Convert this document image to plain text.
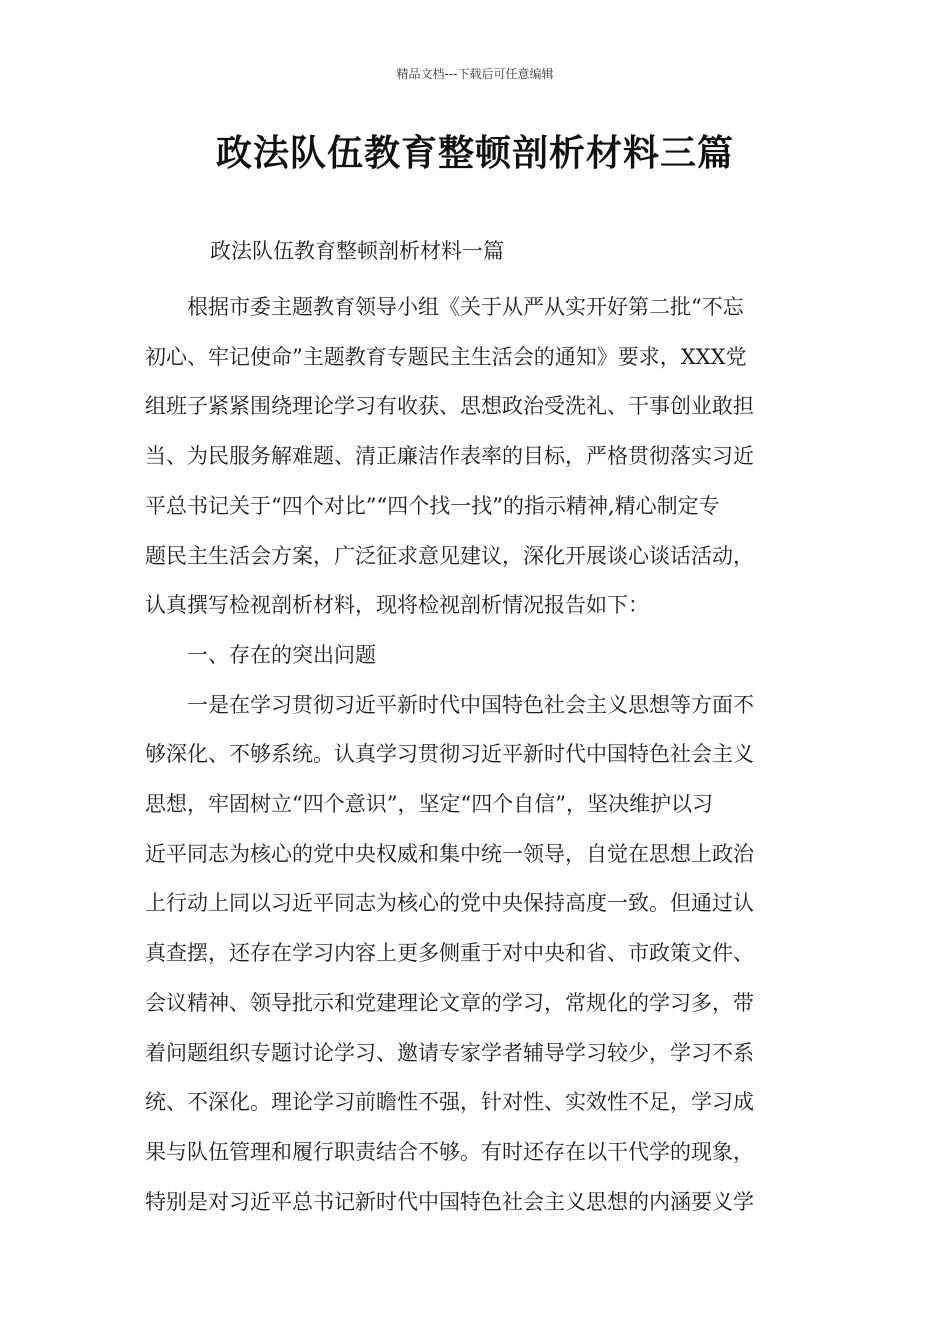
精品文档---下载后可任意编辑
政法队伍教育整顿剖析材料三篇
政法队伍教育整顿剖析材料一篇
　　根据市委主题教育领导小组《关于从严从实开好第二批“不忘
初心、牢记使命”主题教育专题民主生活会的通知》要求，XXX党
组班子紧紧围绕理论学习有收获、思想政治受洗礼、干事创业敢担
当、为民服务解难题、清正廉洁作表率的目标，严格贯彻落实习近
平总书记关于“四个对比”“四个找一找”的指示精神,精心制定专
题民主生活会方案，广泛征求意见建议，深化开展谈心谈话活动，
认真撰写检视剖析材料，现将检视剖析情况报告如下：
　　一、存在的突出问题
　　一是在学习贯彻习近平新时代中国特色社会主义思想等方面不
够深化、不够系统。认真学习贯彻习近平新时代中国特色社会主义
思想，牢固树立“四个意识”，坚定“四个自信”，坚决维护以习
近平同志为核心的党中央权威和集中统一领导，自觉在思想上政治
上行动上同以习近平同志为核心的党中央保持高度一致。但通过认
真查摆，还存在学习内容上更多侧重于对中央和省、市政策文件、
会议精神、领导批示和党建理论文章的学习，常规化的学习多，带
着问题组织专题讨论学习、邀请专家学者辅导学习较少，学习不系
统、不深化。理论学习前瞻性不强，针对性、实效性不足，学习成
果与队伍管理和履行职责结合不够。有时还存在以干代学的现象，
特别是对习近平总书记新时代中国特色社会主义思想的内涵要义学
